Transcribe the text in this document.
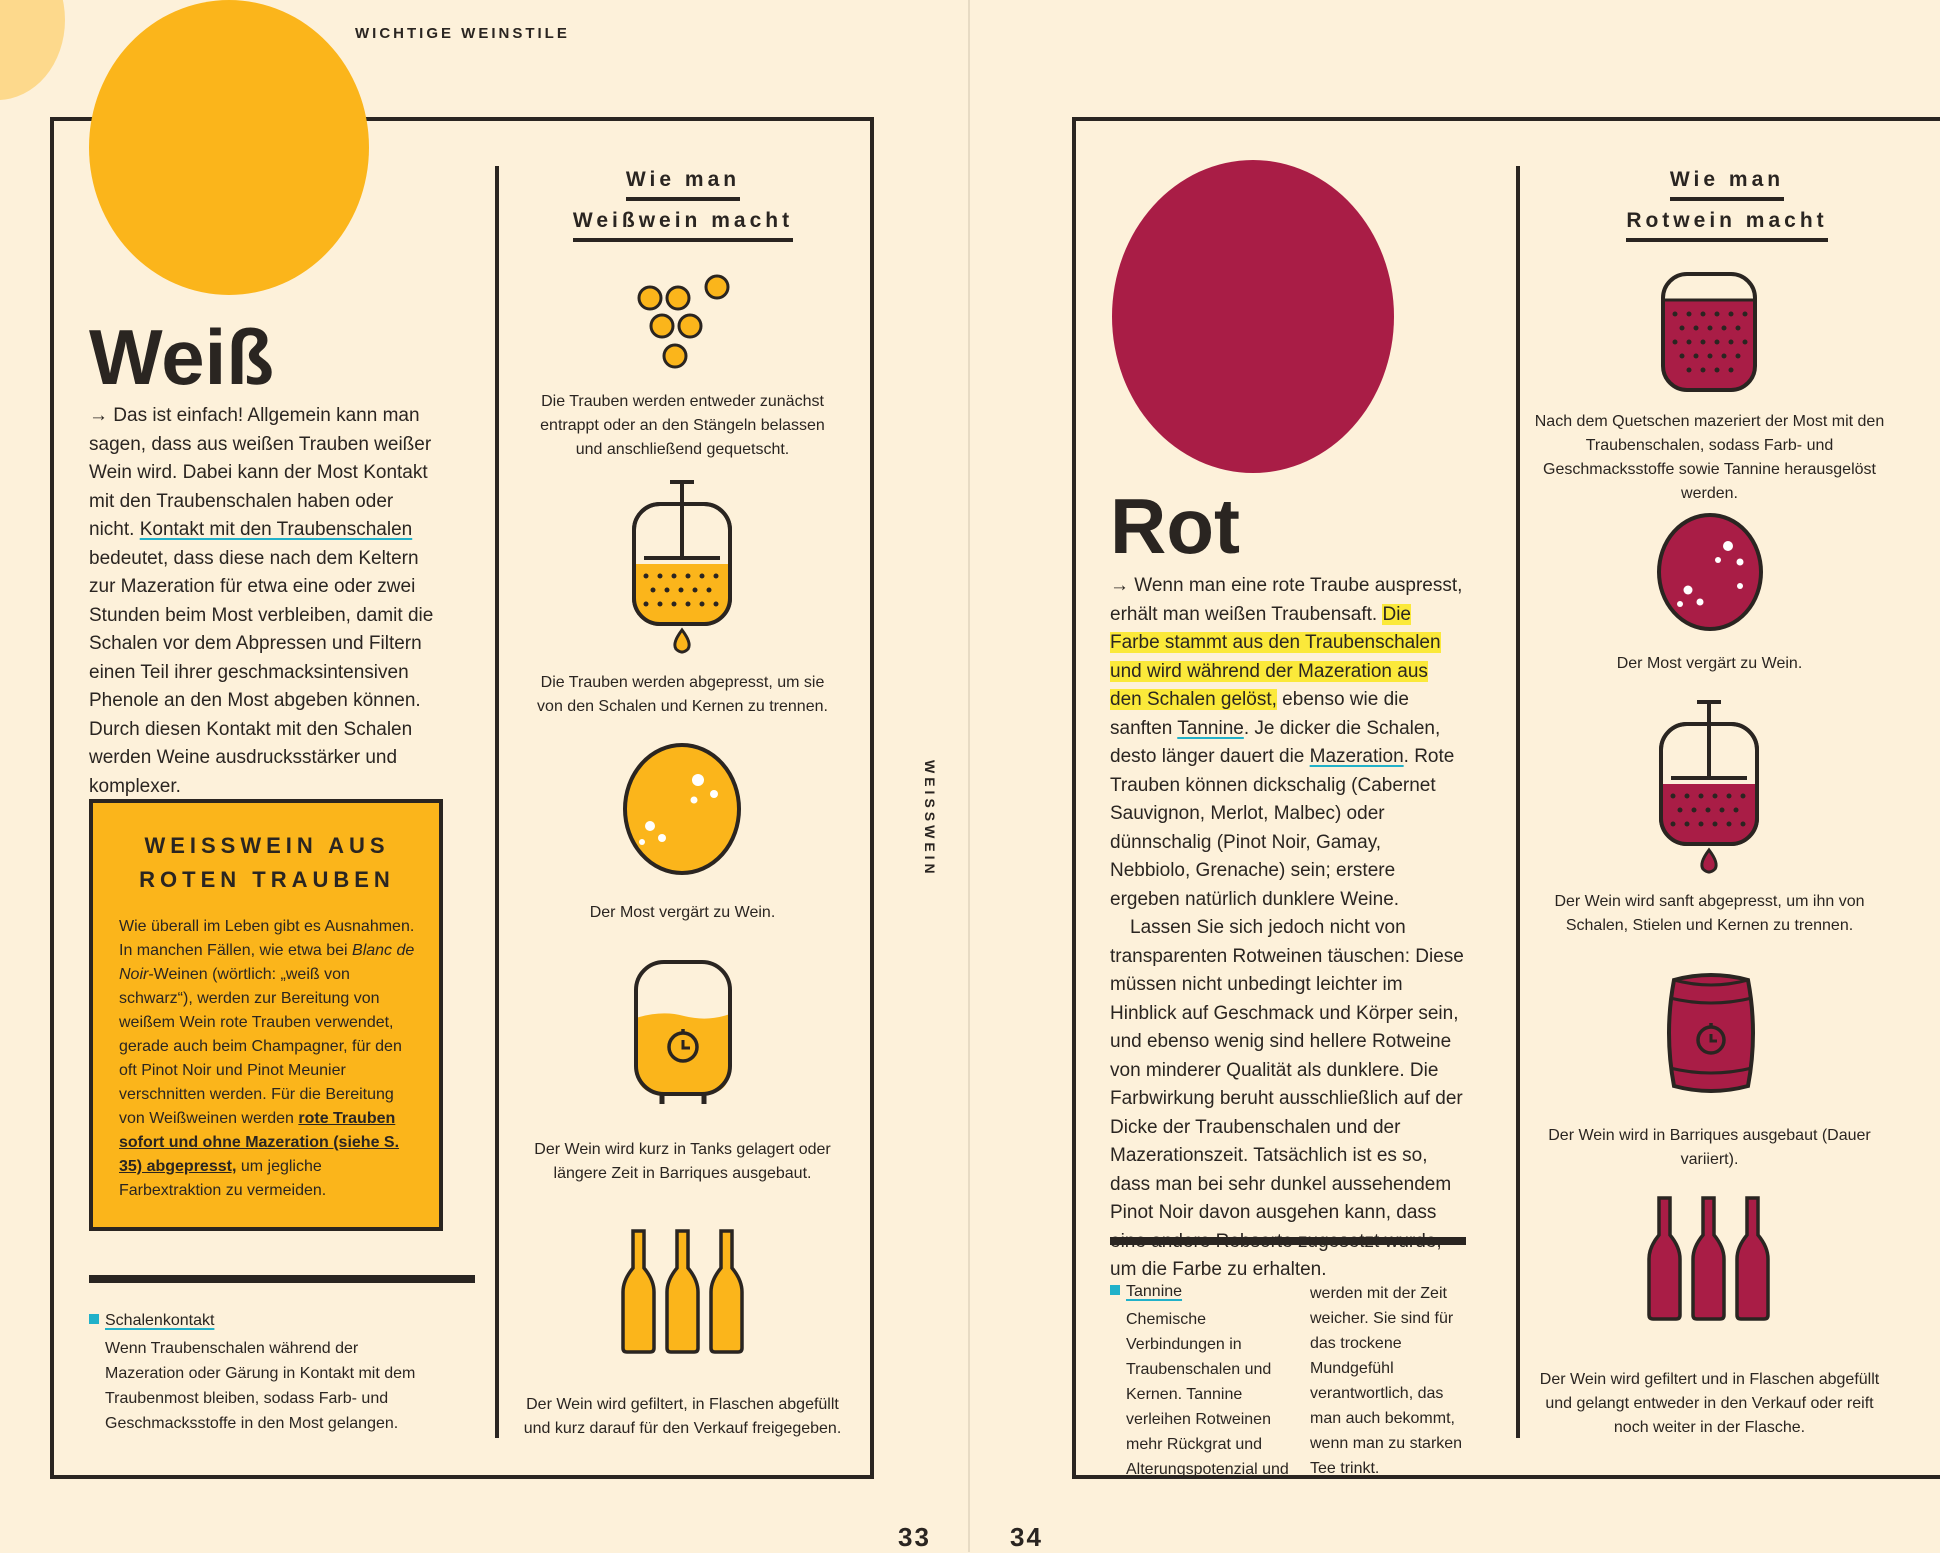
WICHTIGE WEINSTILE
Weiß
→ Das ist einfach! Allgemein kann man sagen, dass aus weißen Trauben weißer Wein wird. Dabei kann der Most Kontakt mit den Traubenschalen haben oder nicht. Kontakt mit den Traubenschalen bedeutet, dass diese nach dem Keltern zur Mazeration für etwa eine oder zwei Stunden beim Most verbleiben, damit die Schalen vor dem Abpressen und Filtern einen Teil ihrer geschmacksintensiven Phenole an den Most abgeben können. Durch diesen Kontakt mit den Schalen werden Weine ausdrucksstärker und komplexer.
WEISSWEIN AUS
ROTEN TRAUBEN
Wie überall im Leben gibt es Ausnahmen. In manchen Fällen, wie etwa bei Blanc de Noir-Weinen (wörtlich: „weiß von schwarz“), werden zur Bereitung von weißem Wein rote Trauben verwendet, gerade auch beim Champagner, für den oft Pinot Noir und Pinot Meunier verschnitten werden. Für die Bereitung von Weißweinen werden rote Trauben sofort und ohne Mazeration (siehe S. 35) abgepresst, um jegliche Farbextraktion zu vermeiden.
Schalenkontakt
Wenn Traubenschalen während der Mazeration oder Gärung in Kontakt mit dem Traubenmost bleiben, sodass Farb- und Geschmacksstoffe in den Most gelangen.
Wie man
Weißwein macht
Die Trauben werden entweder zunächst entrappt oder an den Stängeln belassen und anschließend gequetscht.
Die Trauben werden abgepresst, um sie von den Schalen und Kernen zu trennen.
Der Most vergärt zu Wein.
Der Wein wird kurz in Tanks gelagert oder längere Zeit in Barriques ausgebaut.
Der Wein wird gefiltert, in Flaschen abgefüllt und kurz darauf für den Verkauf freigegeben.
WEISSWEIN
33
Rot
→ Wenn man eine rote Traube auspresst, erhält man weißen Traubensaft. Die Farbe stammt aus den Traubenschalen und wird während der Mazeration aus den Schalen gelöst, ebenso wie die sanften Tannine. Je dicker die Schalen, desto länger dauert die Mazeration. Rote Trauben können dickschalig (Cabernet Sauvignon, Merlot, Malbec) oder dünnschalig (Pinot Noir, Gamay, Nebbiolo, Grenache) sein; erstere ergeben natürlich dunklere Weine.
Lassen Sie sich jedoch nicht von transparenten Rotweinen täuschen: Diese müssen nicht unbedingt leichter im Hinblick auf Geschmack und Körper sein, und ebenso wenig sind hellere Rotweine von minderer Qualität als dunklere. Die Farbwirkung beruht ausschließlich auf der Dicke der Traubenschalen und der Mazerationszeit. Tatsächlich ist es so, dass man bei sehr dunkel aussehendem Pinot Noir davon ausgehen kann, dass um die Farbe zu erhalten.
Tannine
Chemische Verbindungen in Traubenschalen und Kernen. Tannine verleihen Rotweinen mehr Rückgrat und Alterungspotenzial und
werden mit der Zeit weicher. Sie sind für das trockene Mundgefühl verantwortlich, das man auch bekommt, wenn man zu starken Tee trinkt.
Wie man
Rotwein macht
Nach dem Quetschen mazeriert der Most mit den Traubenschalen, sodass Farb- und Geschmacksstoffe sowie Tannine herausgelöst werden.
Der Most vergärt zu Wein.
Der Wein wird sanft abgepresst, um ihn von Schalen, Stielen und Kernen zu trennen.
Der Wein wird in Barriques ausgebaut (Dauer variiert).
Der Wein wird gefiltert und in Flaschen abgefüllt und gelangt entweder in den Verkauf oder reift noch weiter in der Flasche.
34
